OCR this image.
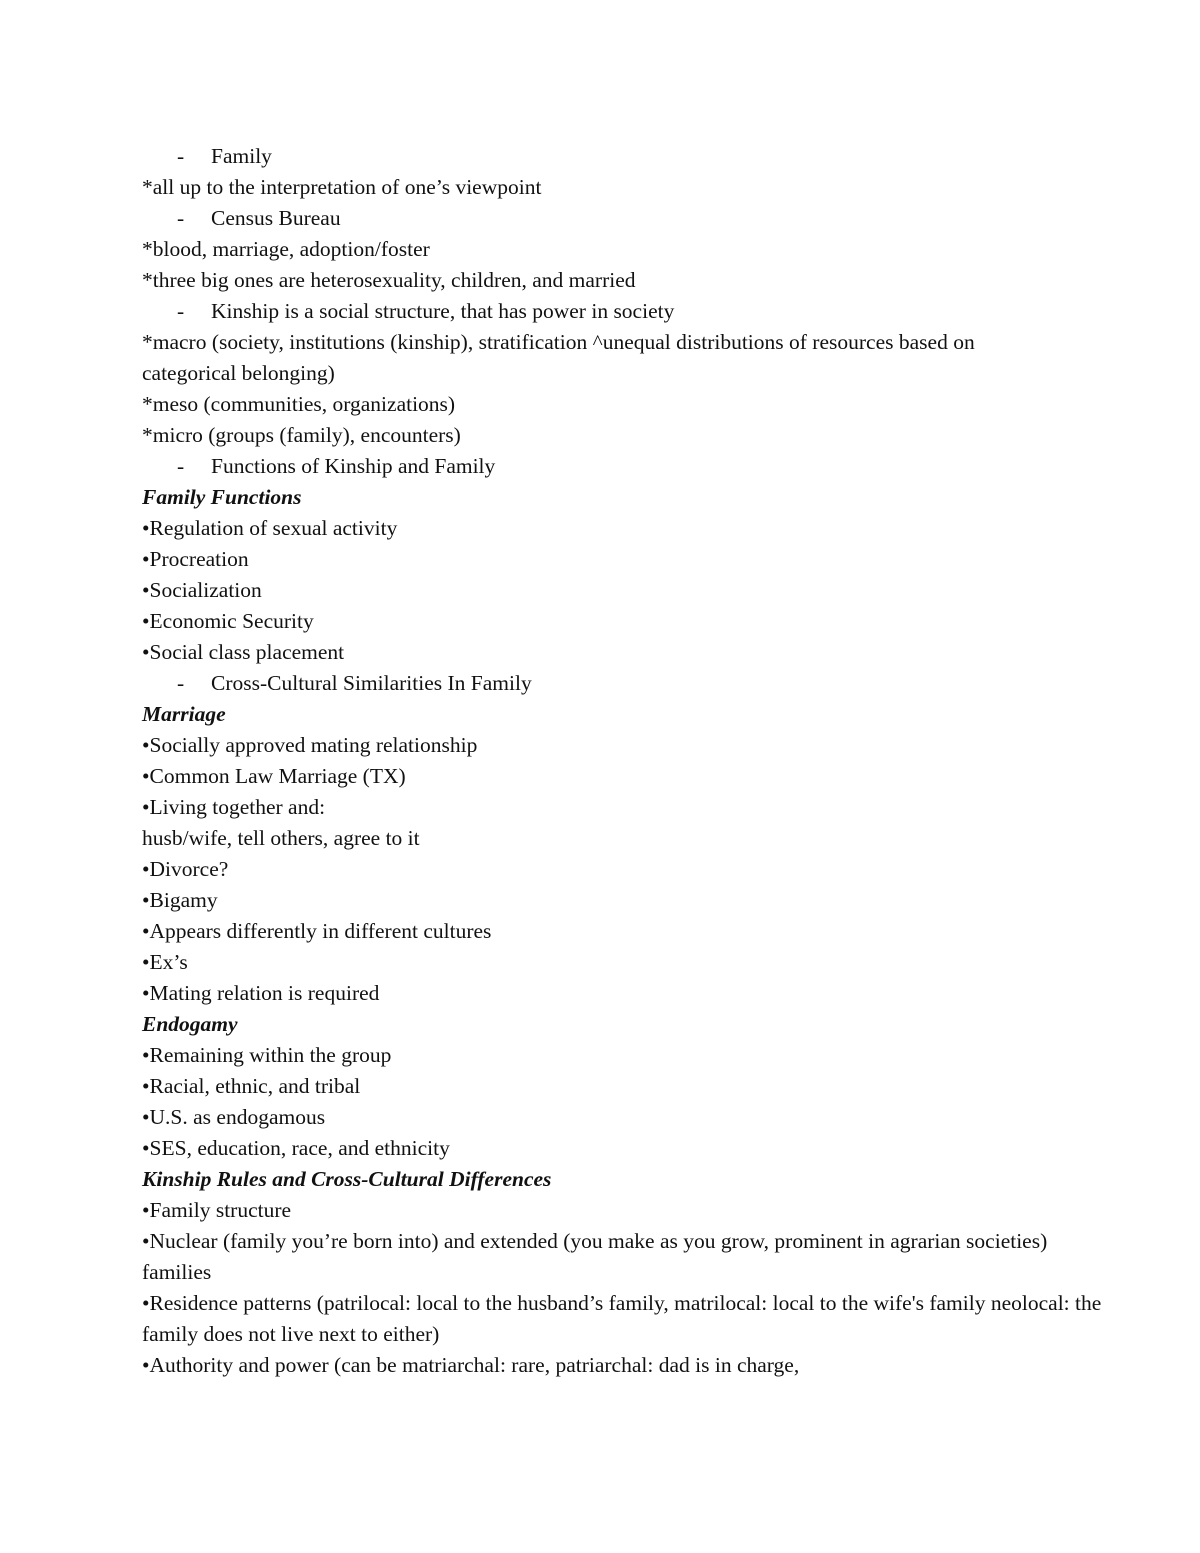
- Family
*all up to the interpretation of one’s viewpoint
- Census Bureau
*blood, marriage, adoption/foster
*three big ones are heterosexuality, children, and married
- Kinship is a social structure, that has power in society
*macro (society, institutions (kinship), stratification ^unequal distributions of resources based on
categorical belonging)
*meso (communities, organizations)
*micro (groups (family), encounters)
- Functions of Kinship and Family
Family Functions
•Regulation of sexual activity
•Procreation
•Socialization
•Economic Security
•Social class placement
- Cross-Cultural Similarities In Family
Marriage
•Socially approved mating relationship
•Common Law Marriage (TX)
•Living together and:
husb/wife, tell others, agree to it
•Divorce?
•Bigamy
•Appears differently in different cultures
•Ex’s
•Mating relation is required
Endogamy
•Remaining within the group
•Racial, ethnic, and tribal
•U.S. as endogamous
•SES, education, race, and ethnicity
Kinship Rules and Cross-Cultural Differences
•Family structure
•Nuclear (family you’re born into) and extended (you make as you grow, prominent in agrarian societies)
families
•Residence patterns (patrilocal: local to the husband’s family, matrilocal: local to the wife's family neolocal: the
family does not live next to either)
•Authority and power (can be matriarchal: rare, patriarchal: dad is in charge,
